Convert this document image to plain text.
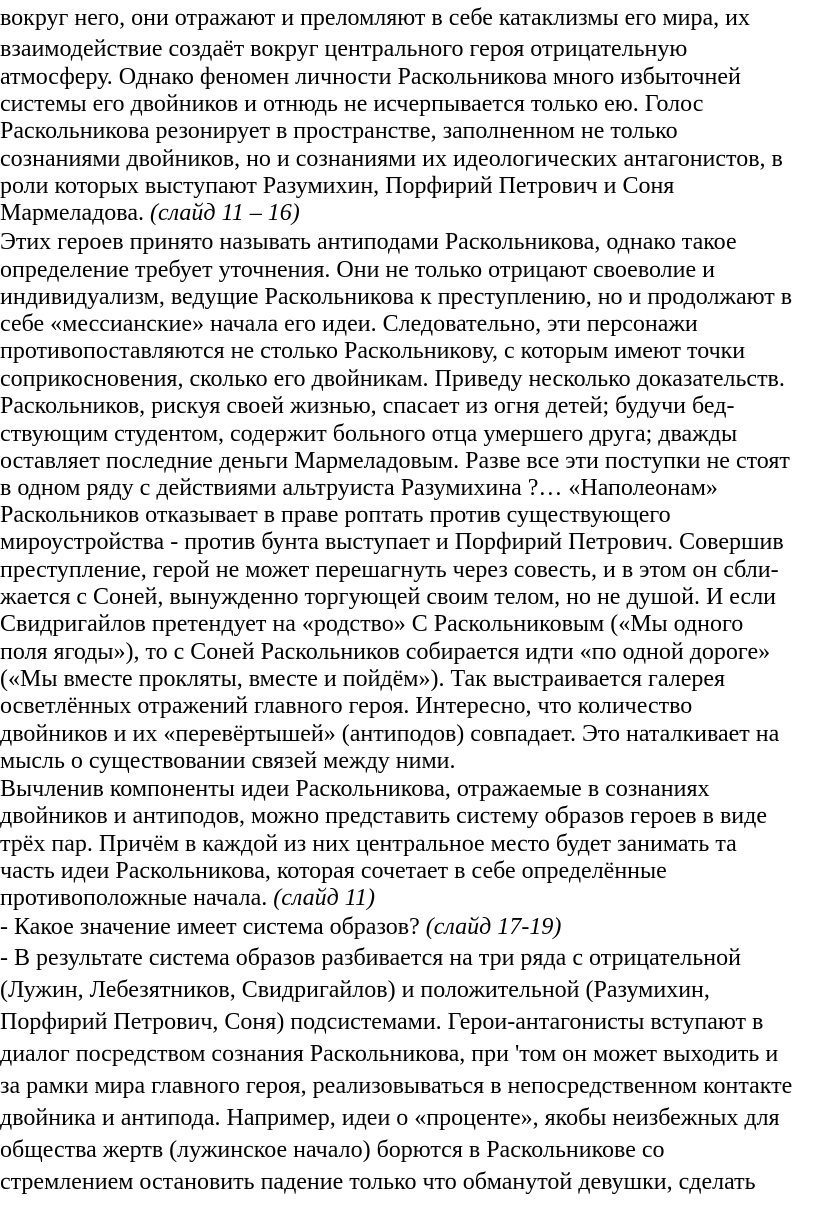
вокруг него, они отражают и преломляют в себе катаклизмы его мира, их
взаимодействие создаёт вокруг центрального героя отрицательную
атмосферу. Однако феномен личности Раскольникова много избыточней
системы его двойников и отнюдь не исчерпывается только ею. Голос
Раскольникова резонирует в пространстве, заполненном не только
сознаниями двойников, но и сознаниями их идеологических антагонистов, в
роли которых выступают Разумихин, Порфирий Петрович и Соня
Мармеладова. (слайд 11 – 16)
Этих героев принято называть антиподами Раскольникова, однако такое
определение требует уточнения. Они не только отрицают своеволие и
индивидуализм, ведущие Раскольникова к преступлению, но и продолжают в
себе «мессианские» начала его идеи. Следовательно, эти персонажи
противопоставляются не столько Раскольникову, с которым имеют точки
соприкосновения, сколько его двойникам. Приведу несколько доказательств.
Раскольников, рискуя своей жизнью, спасает из огня детей; будучи бед-
ствующим студентом, содержит больного отца умершего друга; дважды
оставляет последние деньги Мармеладовым. Разве все эти поступки не стоят
в одном ряду с действиями альтруиста Разумихина ?… «Наполеонам»
Раскольников отказывает в праве роптать против существующего
мироустройства - против бунта выступает и Порфирий Петрович. Совершив
преступление, герой не может перешагнуть через совесть, и в этом он сбли-
жается с Соней, вынужденно торгующей своим телом, но не душой. И если
Свидригайлов претендует на «родство» С Раскольниковым («Мы одного
поля ягоды»), то с Соней Раскольников собирается идти «по одной дороге»
(«Мы вместе прокляты, вместе и пойдём»). Так выстраивается галерея
осветлённых отражений главного героя. Интересно, что количество
двойников и их «перевёртышей» (антиподов) совпадает. Это наталкивает на
мысль о существовании связей между ними.
Вычленив компоненты идеи Раскольникова, отражаемые в сознаниях
двойников и антиподов, можно представить систему образов героев в виде
трёх пар. Причём в каждой из них центральное место будет занимать та
часть идеи Раскольникова, которая сочетает в себе определённые
противоположные начала. (слайд 11)
- Какое значение имеет система образов? (слайд 17-19)
- В результате система образов разбивается на три ряда с отрицательной
(Лужин, Лебезятников, Свидригайлов) и положительной (Разумихин,
Порфирий Петрович, Соня) подсистемами. Герои-антагонисты вступают в
диалог посредством сознания Раскольникова, при 'том он может выходить и
за рамки мира главного героя, реализовываться в непосредственном контакте
двойника и антипода. Например, идеи о «проценте», якобы неизбежных для
общества жертв (лужинское начало) борются в Раскольникове со
стремлением остановить падение только что обманутой девушки, сделать
